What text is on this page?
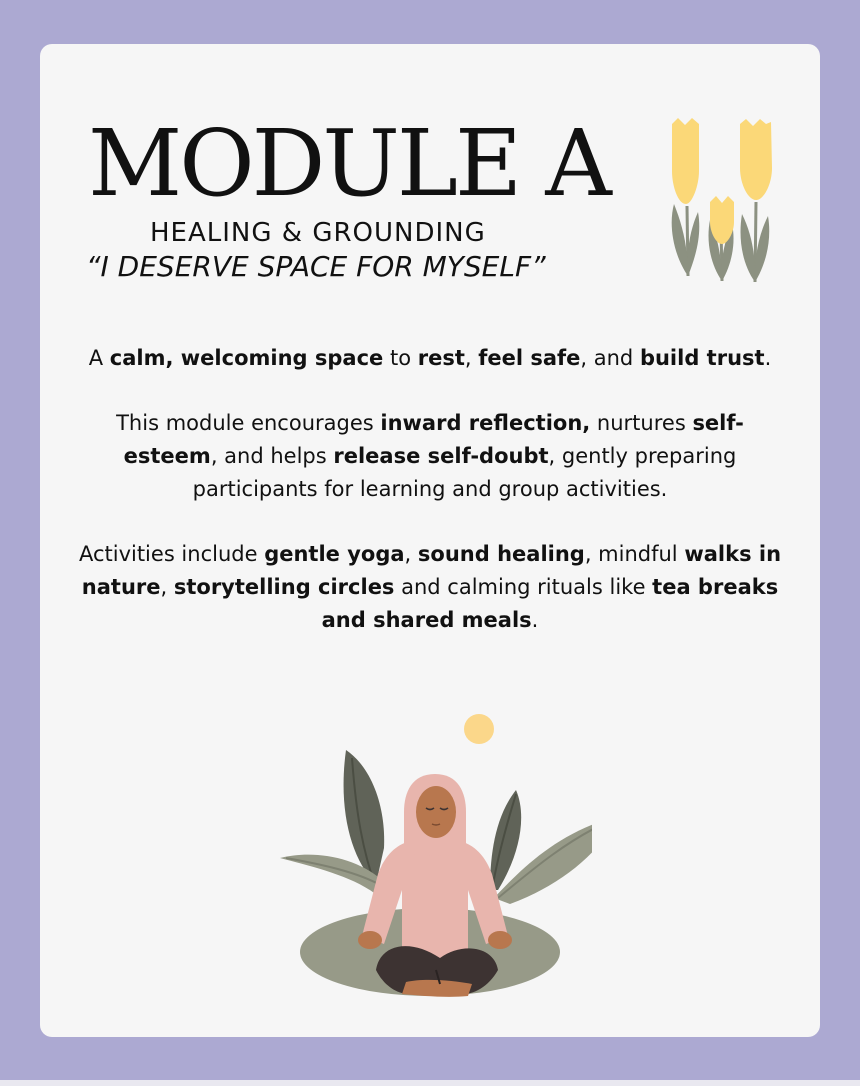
MODULE A
HEALING & GROUNDING
“I DESERVE SPACE FOR MYSELF”

A calm, welcoming space to rest, feel safe, and build trust.

This module encourages inward reflection, nurtures self-esteem, and helps release self-doubt, gently preparing participants for learning and group activities.

Activities include gentle yoga, sound healing, mindful walks in nature, storytelling circles and calming rituals like tea breaks and shared meals.
